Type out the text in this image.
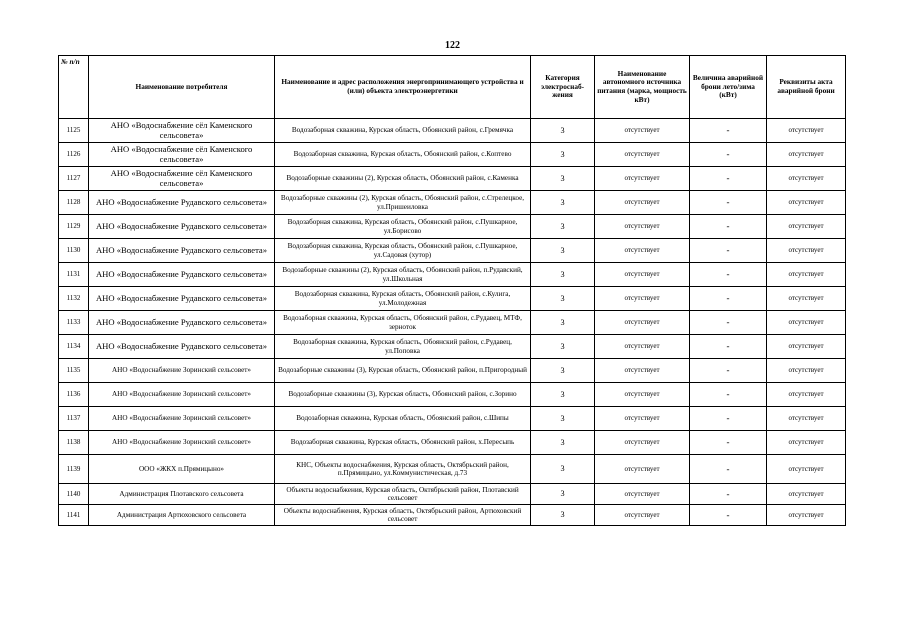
122
№ п/п	Наименование потребителя	Наименование и адрес расположения энергопринимающего устройства и (или) объекта электроэнергетики	Категория электроснаб-жения	Наименование автономного источника питания (марка, мощность кВт)	Величина аварийной брони лето/зима (кВт)	Реквизиты акта аварийной брони
1125	АНО «Водоснабжение сёл Каменского сельсовета»	Водозаборная скважина, Курская область, Обоянский район, с.Гремячка	3	отсутствует	-	отсутствует
1126	АНО «Водоснабжение сёл Каменского сельсовета»	Водозаборная скважина, Курская область, Обоянский район, с.Коптево	3	отсутствует	-	отсутствует
1127	АНО «Водоснабжение сёл Каменского сельсовета»	Водозаборные скважины (2), Курская область, Обоянский район, с.Каменка	3	отсутствует	-	отсутствует
1128	АНО «Водоснабжение Рудавского сельсовета»	Водозаборные скважины (2), Курская область, Обоянский район, с.Стрелецкое, ул.Пришеиловка	3	отсутствует	-	отсутствует
1129	АНО «Водоснабжение Рудавского сельсовета»	Водозаборная скважина, Курская область, Обоянский район, с.Пушкарное, ул.Борисово	3	отсутствует	-	отсутствует
1130	АНО «Водоснабжение Рудавского сельсовета»	Водозаборная скважина, Курская область, Обоянский район, с.Пушкарное, ул.Садовая (хутор)	3	отсутствует	-	отсутствует
1131	АНО «Водоснабжение Рудавского сельсовета»	Водозаборные скважины (2), Курская область, Обоянский район, п.Рудавский, ул.Школьная	3	отсутствует	-	отсутствует
1132	АНО «Водоснабжение Рудавского сельсовета»	Водозаборная скважина, Курская область, Обоянский район, с.Кулига, ул.Молодежная	3	отсутствует	-	отсутствует
1133	АНО «Водоснабжение Рудавского сельсовета»	Водозаборная скважина, Курская область, Обоянский район, с.Рудавец, МТФ, зерноток	3	отсутствует	-	отсутствует
1134	АНО «Водоснабжение Рудавского сельсовета»	Водозаборная скважина, Курская область, Обоянский район, с.Рудавец, ул.Поповка	3	отсутствует	-	отсутствует
1135	АНО «Водоснабжение Зоринский сельсовет»	Водозаборные скважины (3), Курская область, Обоянский район, п.Пригородный	3	отсутствует	-	отсутствует
1136	АНО «Водоснабжение Зоринский сельсовет»	Водозаборные скважины (3), Курская область, Обоянский район, с.Зорино	3	отсутствует	-	отсутствует
1137	АНО «Водоснабжение Зоринский сельсовет»	Водозаборная скважина, Курская область, Обоянский район, с.Шипы	3	отсутствует	-	отсутствует
1138	АНО «Водоснабжение Зоринский сельсовет»	Водозаборная скважина, Курская область, Обоянский район, х.Пересыпь	3	отсутствует	-	отсутствует
1139	ООО «ЖКХ п.Прямицыно»	КНС, Объекты водоснабжения, Курская область, Октябрьский район, п.Прямицыно, ул.Коммунистическая, д.73	3	отсутствует	-	отсутствует
1140	Администрация Плотавского сельсовета	Объекты водоснабжения, Курская область, Октябрьский район, Плотавский сельсовет	3	отсутствует	-	отсутствует
1141	Администрация Артюховского сельсовета	Объекты водоснабжения, Курская область, Октябрьский район, Артюховский сельсовет	3	отсутствует	-	отсутствует
